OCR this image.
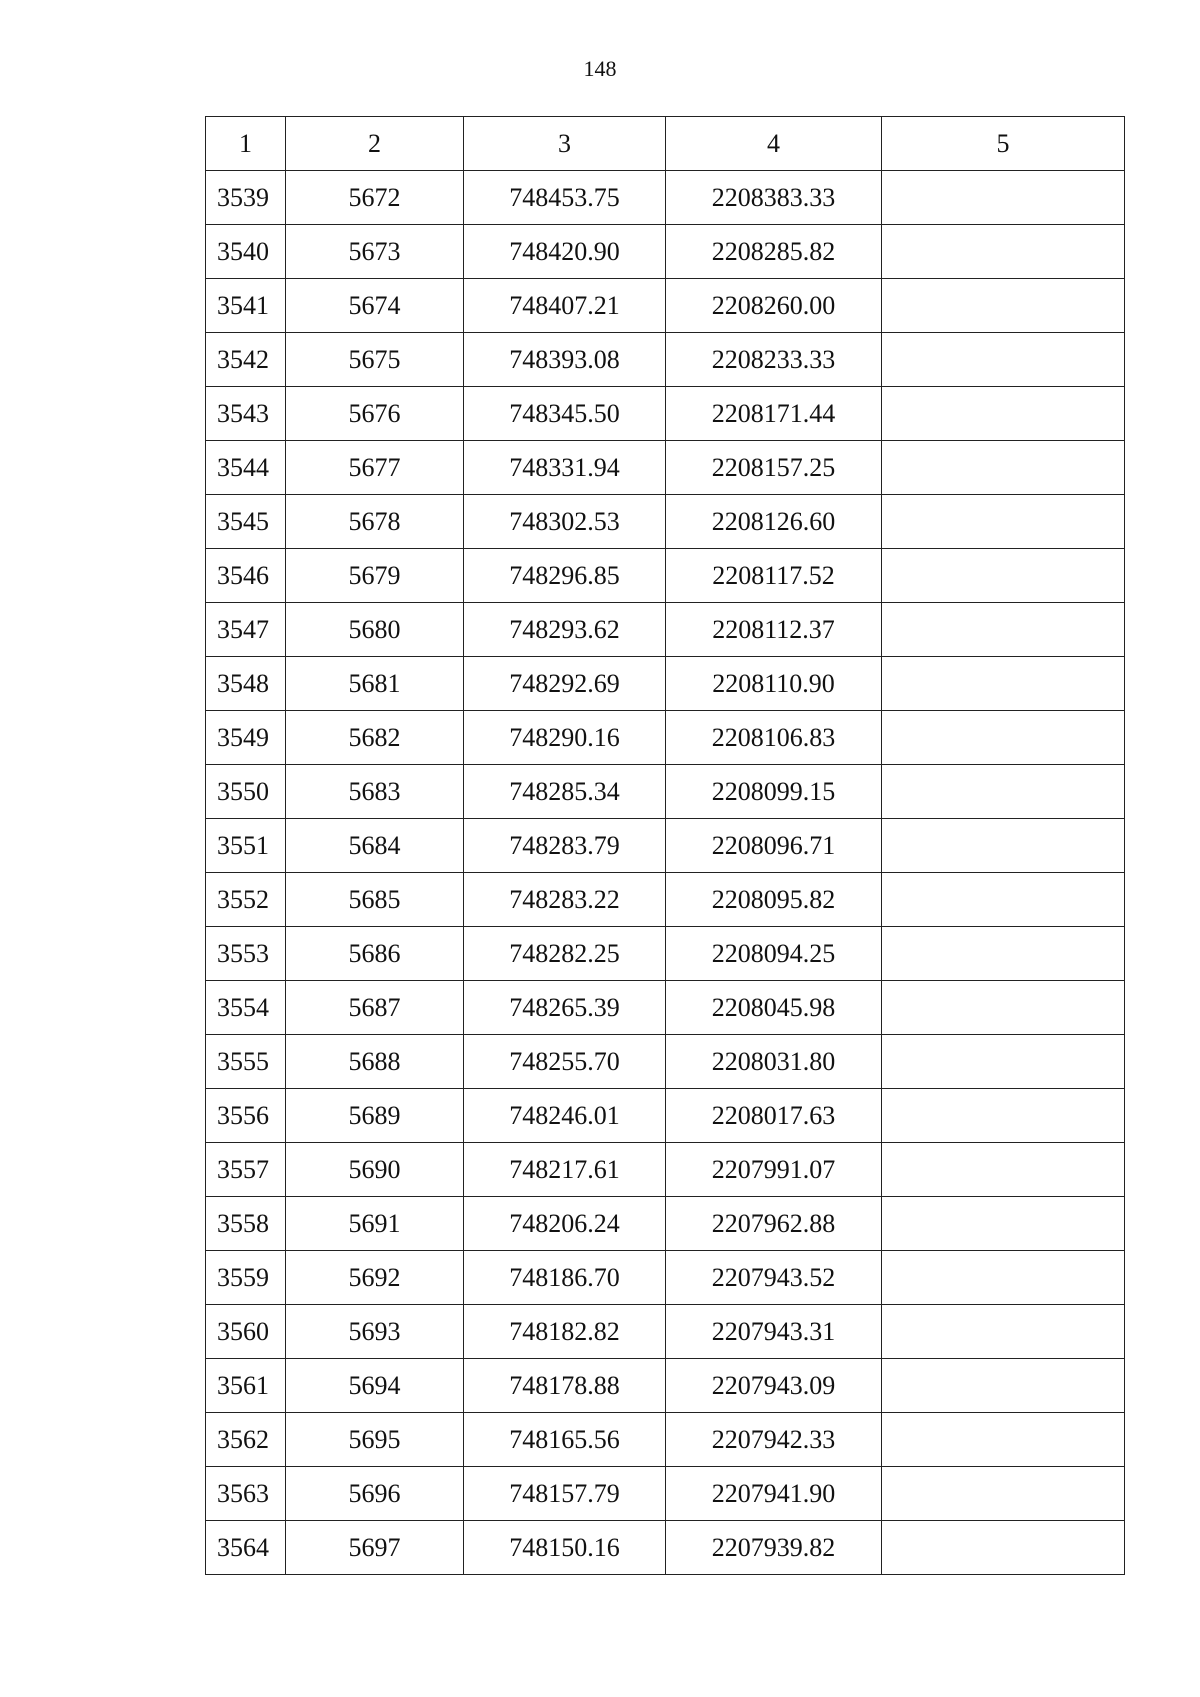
148
1	2	3	4	5
3539	5672	748453.75	2208383.33	
3540	5673	748420.90	2208285.82	
3541	5674	748407.21	2208260.00	
3542	5675	748393.08	2208233.33	
3543	5676	748345.50	2208171.44	
3544	5677	748331.94	2208157.25	
3545	5678	748302.53	2208126.60	
3546	5679	748296.85	2208117.52	
3547	5680	748293.62	2208112.37	
3548	5681	748292.69	2208110.90	
3549	5682	748290.16	2208106.83	
3550	5683	748285.34	2208099.15	
3551	5684	748283.79	2208096.71	
3552	5685	748283.22	2208095.82	
3553	5686	748282.25	2208094.25	
3554	5687	748265.39	2208045.98	
3555	5688	748255.70	2208031.80	
3556	5689	748246.01	2208017.63	
3557	5690	748217.61	2207991.07	
3558	5691	748206.24	2207962.88	
3559	5692	748186.70	2207943.52	
3560	5693	748182.82	2207943.31	
3561	5694	748178.88	2207943.09	
3562	5695	748165.56	2207942.33	
3563	5696	748157.79	2207941.90	
3564	5697	748150.16	2207939.82	
